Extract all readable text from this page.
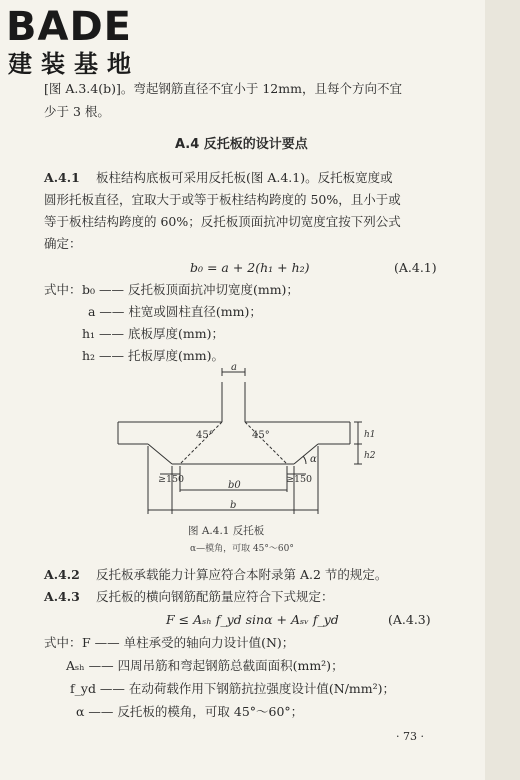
BADE
建装基地
[图 A.3.4(b)]。弯起钢筋直径不宜小于 12mm，且每个方向不宜
少于 3 根。
A.4 反托板的设计要点
A.4.1 板柱结构底板可采用反托板(图 A.4.1)。反托板宽度或
圆形托板直径，宜取大于或等于板柱结构跨度的 50%，且小于或
等于板柱结构跨度的 60%；反托板顶面抗冲切宽度宜按下列公式
确定：
b₀ = a + 2(h₁ + h₂)	(A.4.1)
式中： b₀ —— 反托板顶面抗冲切宽度(mm)；
a —— 柱宽或圆柱直径(mm)；
h₁ —— 底板厚度(mm)；
h₂ —— 托板厚度(mm)。
a
45°	45°	h1
h2
α
≥150	≥150
b0
b
图 A.4.1 反托板
α—模角，可取 45°～60°
A.4.2 反托板承载能力计算应符合本附录第 A.2 节的规定。
A.4.3 反托板的横向钢筋配筋量应符合下式规定：
F ≤ Aₛₕ f_yd sinα + Aₛᵥ f_yd	(A.4.3)
式中： F —— 单柱承受的轴向力设计值(N)；
Aₛₕ —— 四周吊筋和弯起钢筋总截面面积(mm²)；
f_yd —— 在动荷载作用下钢筋抗拉强度设计值(N/mm²)；
α —— 反托板的模角，可取 45°～60°；
· 73 ·
